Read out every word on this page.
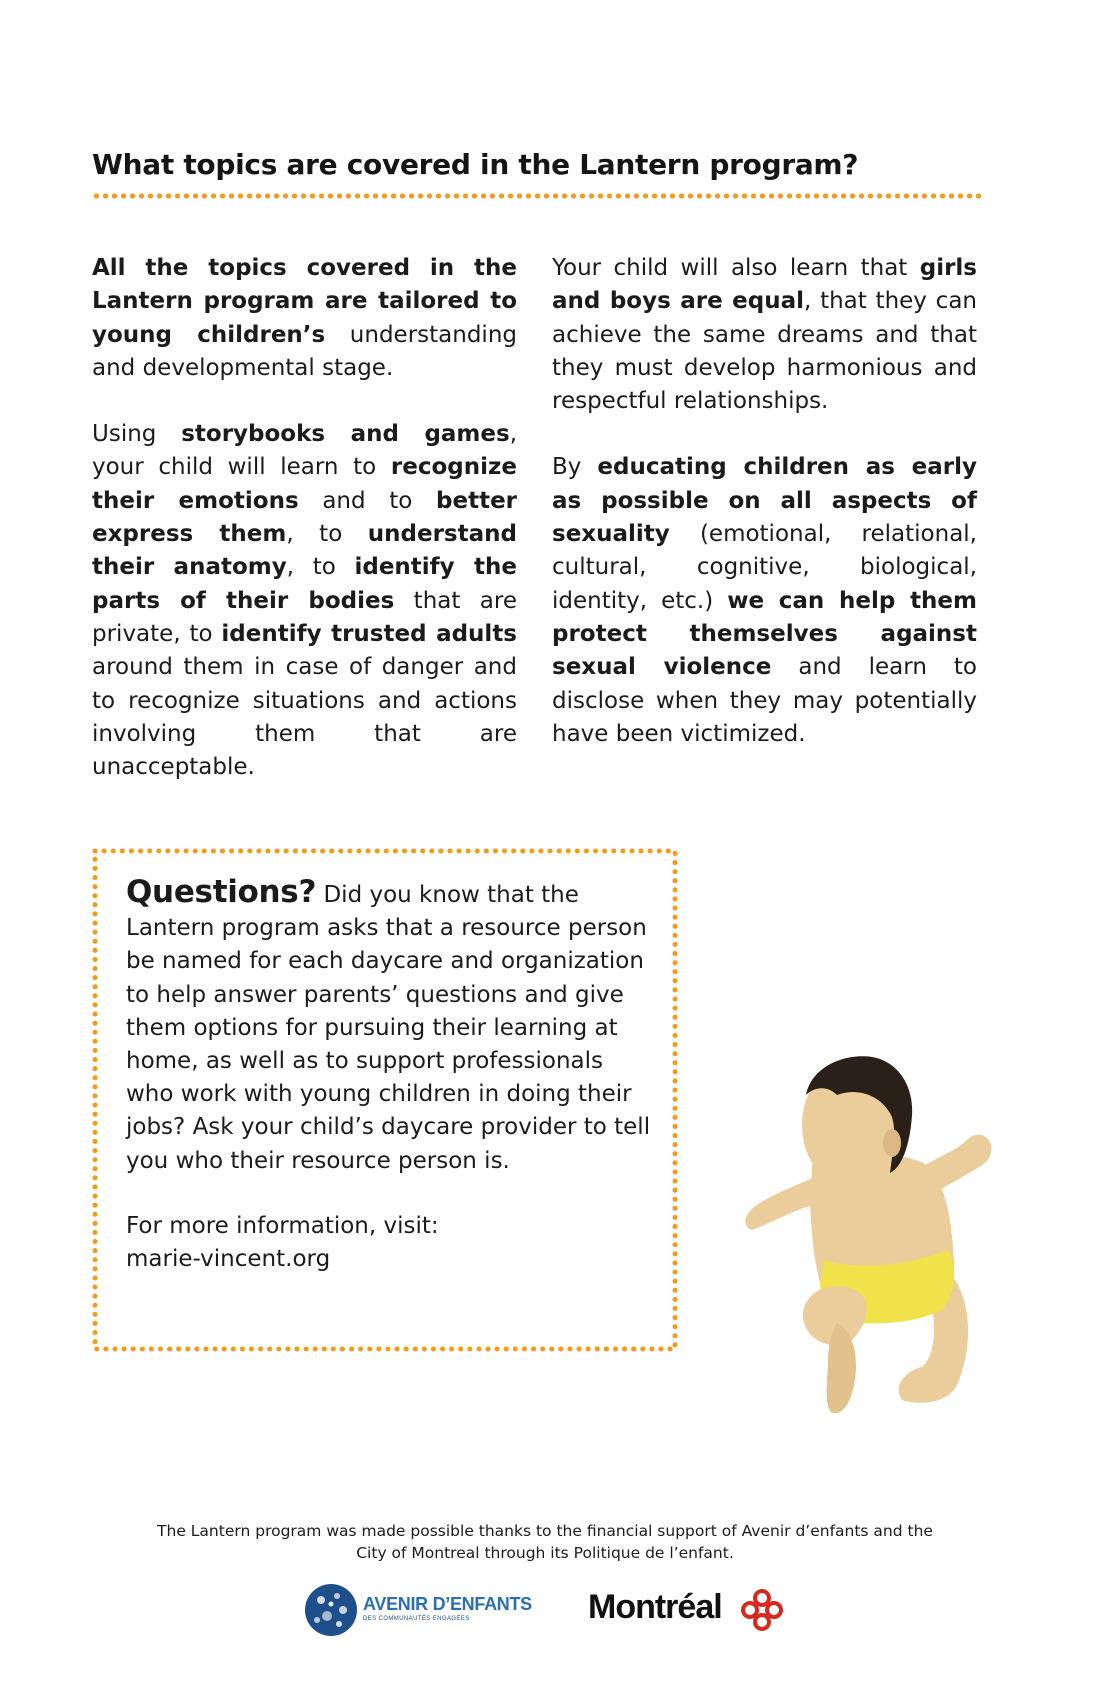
What topics are covered in the Lantern program?

All the topics covered in the Lantern program are tailored to young children’s understanding and developmental stage.

Using storybooks and games, your child will learn to recognize their emotions and to better express them, to understand their anatomy, to identify the parts of their bodies that are private, to identify trusted adults around them in case of danger and to recognize situations and actions involving them that are unacceptable.

Your child will also learn that girls and boys are equal, that they can achieve the same dreams and that they must develop harmonious and respectful relationships.

By educating children as early as possible on all aspects of sexuality (emotional, relational, cultural, cognitive, biological, identity, etc.) we can help them protect themselves against sexual violence and learn to disclose when they may potentially have been victimized.

Questions? Did you know that the Lantern program asks that a resource person be named for each daycare and organization to help answer parents’ questions and give them options for pursuing their learning at home, as well as to support professionals who work with young children in doing their jobs? Ask your child’s daycare provider to tell you who their resource person is.

For more information, visit:
marie-vincent.org
The Lantern program was made possible thanks to the financial support of Avenir d’enfants and the
City of Montreal through its Politique de l’enfant.
AVENIR D’ENFANTS
DES COMMUNAUTÉS ENGAGÉES	Montréal
